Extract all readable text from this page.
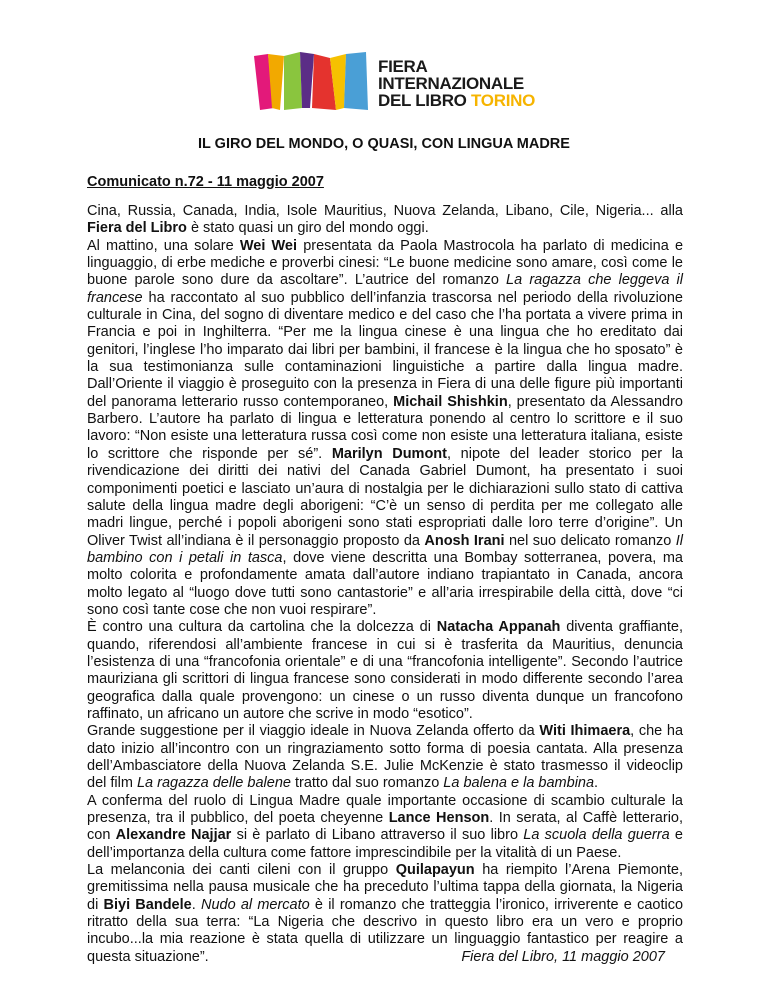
FIERA
INTERNAZIONALE
DEL LIBRO TORINO
IL GIRO DEL MONDO, O QUASI, CON LINGUA MADRE
Comunicato n.72 - 11 maggio 2007

Cina, Russia, Canada, India, Isole Mauritius, Nuova Zelanda, Libano, Cile, Nigeria... alla Fiera del Libro è stato quasi un giro del mondo oggi.

Al mattino, una solare Wei Wei presentata da Paola Mastrocola ha parlato di medicina e linguaggio, di erbe mediche e proverbi cinesi: “Le buone medicine sono amare, così come le buone parole sono dure da ascoltare”. L’autrice del romanzo La ragazza che leggeva il francese ha raccontato al suo pubblico dell’infanzia trascorsa nel periodo della rivoluzione culturale in Cina, del sogno di diventare medico e del caso che l’ha portata a vivere prima in Francia e poi in Inghilterra. “Per me la lingua cinese è una lingua che ho ereditato dai genitori, l’inglese l’ho imparato dai libri per bambini, il francese è la lingua che ho sposato” è la sua testimonianza sulle contaminazioni linguistiche a partire dalla lingua madre. Dall’Oriente il viaggio è proseguito con la presenza in Fiera di una delle figure più importanti del panorama letterario russo contemporaneo, Michail Shishkin, presentato da Alessandro Barbero. L’autore ha parlato di lingua e letteratura ponendo al centro lo scrittore e il suo lavoro: “Non esiste una letteratura russa così come non esiste una letteratura italiana, esiste lo scrittore che risponde per sé”. Marilyn Dumont, nipote del leader storico per la rivendicazione dei diritti dei nativi del Canada Gabriel Dumont, ha presentato i suoi componimenti poetici e lasciato un’aura di nostalgia per le dichiarazioni sullo stato di cattiva salute della lingua madre degli aborigeni: “C’è un senso di perdita per me collegato alle madri lingue, perché i popoli aborigeni sono stati espropriati dalle loro terre d’origine”. Un Oliver Twist all’indiana è il personaggio proposto da Anosh Irani nel suo delicato romanzo Il bambino con i petali in tasca, dove viene descritta una Bombay sotterranea, povera, ma molto colorita e profondamente amata dall’autore indiano trapiantato in Canada, ancora molto legato al “luogo dove tutti sono cantastorie” e all’aria irrespirabile della città, dove “ci sono così tante cose che non vuoi respirare”.

È contro una cultura da cartolina che la dolcezza di Natacha Appanah diventa graffiante, quando, riferendosi all’ambiente francese in cui si è trasferita da Mauritius, denuncia l’esistenza di una “francofonia orientale” e di una “francofonia intelligente”. Secondo l’autrice mauriziana gli scrittori di lingua francese sono considerati in modo differente secondo l’area geografica dalla quale provengono: un cinese o un russo diventa dunque un francofono raffinato, un africano un autore che scrive in modo “esotico”.

Grande suggestione per il viaggio ideale in Nuova Zelanda offerto da Witi Ihimaera, che ha dato inizio all’incontro con un ringraziamento sotto forma di poesia cantata. Alla presenza dell’Ambasciatore della Nuova Zelanda S.E. Julie McKenzie è stato trasmesso il videoclip del film La ragazza delle balene tratto dal suo romanzo La balena e la bambina.

A conferma del ruolo di Lingua Madre quale importante occasione di scambio culturale la presenza, tra il pubblico, del poeta cheyenne Lance Henson. In serata, al Caffè letterario, con Alexandre Najjar si è parlato di Libano attraverso il suo libro La scuola della guerra e dell’importanza della cultura come fattore imprescindibile per la vitalità di un Paese.

La melanconia dei canti cileni con il gruppo Quilapayun ha riempito l’Arena Piemonte, gremitissima nella pausa musicale che ha preceduto l’ultima tappa della giornata, la Nigeria di Biyi Bandele. Nudo al mercato è il romanzo che tratteggia l’ironico, irriverente e caotico ritratto della sua terra: “La Nigeria che descrivo in questo libro era un vero e proprio incubo...la mia reazione è stata quella di utilizzare un linguaggio fantastico per reagire a questa situazione”.	Fiera del Libro, 11 maggio 2007
